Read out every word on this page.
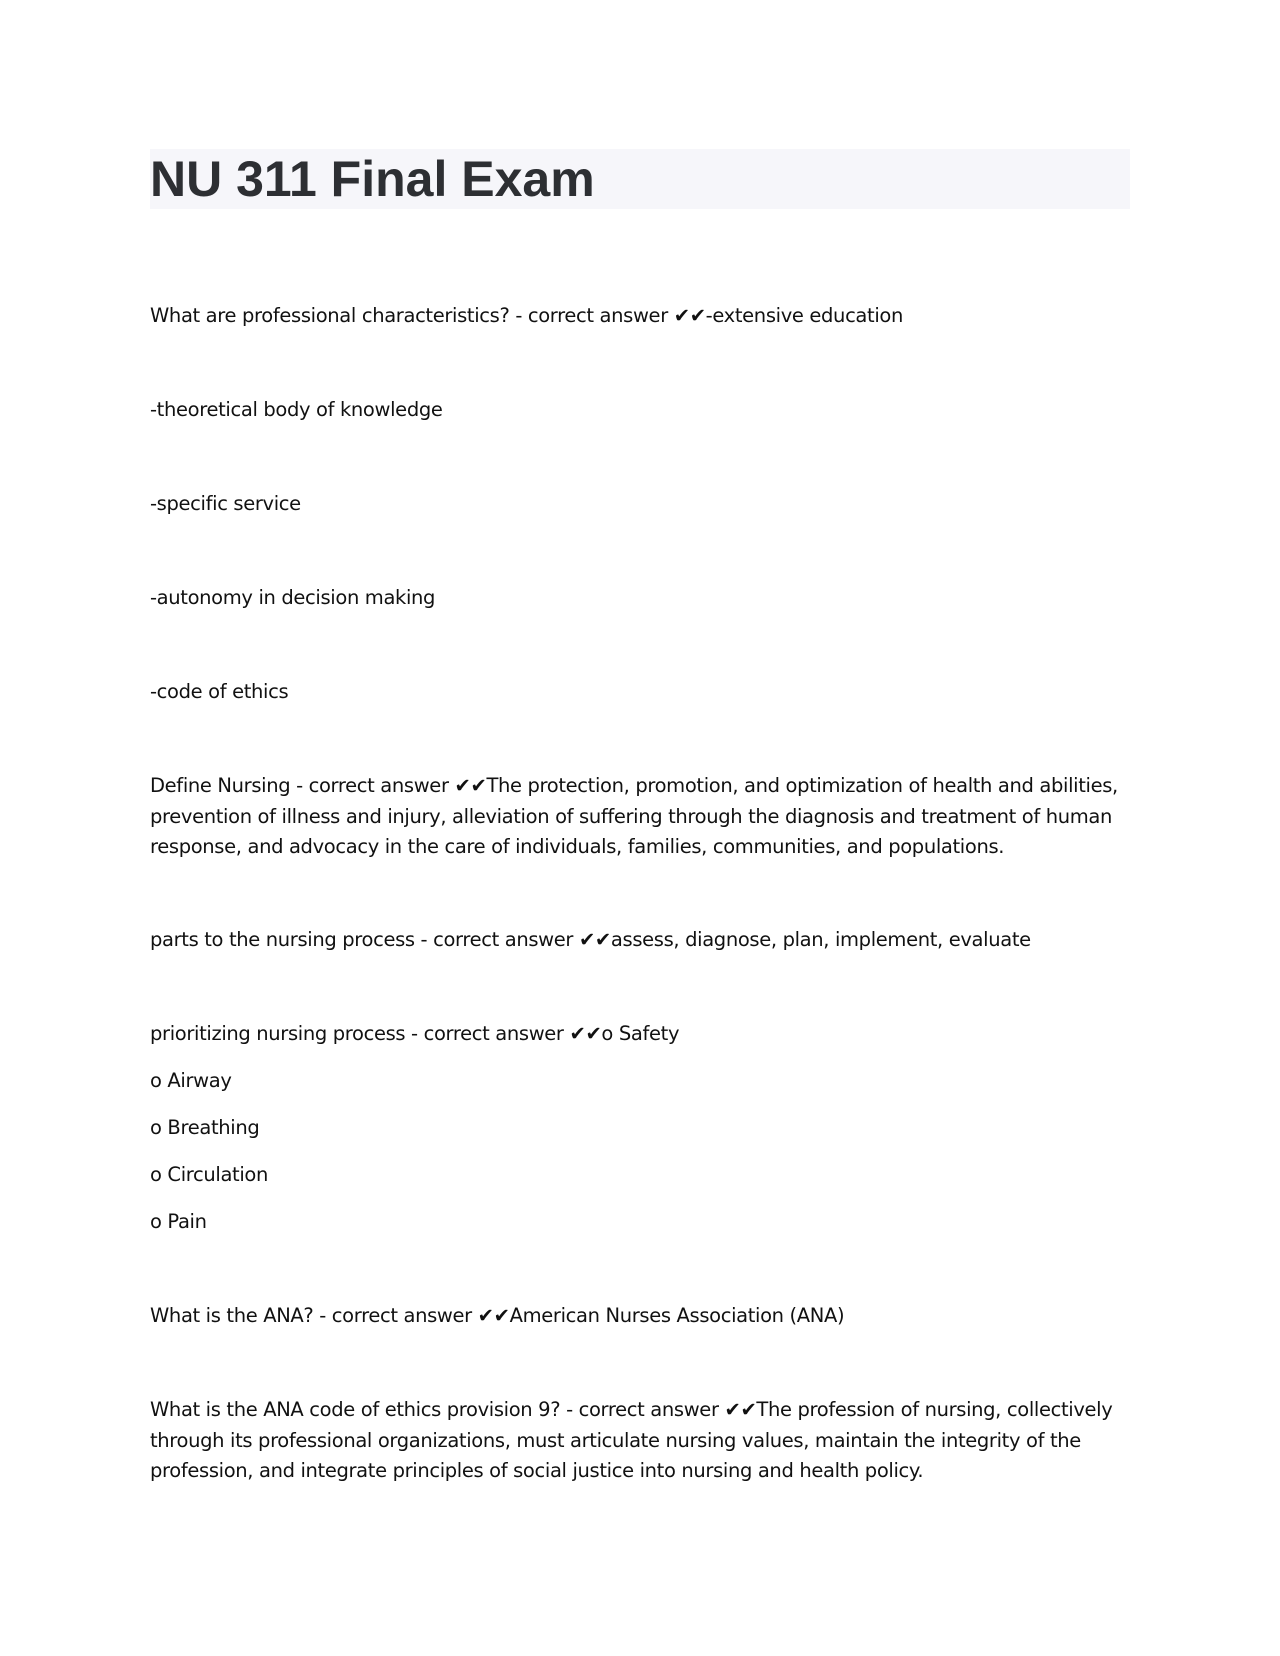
NU 311 Final Exam

What are professional characteristics? - correct answer ✔✔-extensive education

-theoretical body of knowledge

-specific service

-autonomy in decision making

-code of ethics

Define Nursing - correct answer ✔✔The protection, promotion, and optimization of health and abilities, prevention of illness and injury, alleviation of suffering through the diagnosis and treatment of human response, and advocacy in the care of individuals, families, communities, and populations.

parts to the nursing process - correct answer ✔✔assess, diagnose, plan, implement, evaluate

prioritizing nursing process - correct answer ✔✔o Safety

o Airway

o Breathing

o Circulation

o Pain

What is the ANA? - correct answer ✔✔American Nurses Association (ANA)

What is the ANA code of ethics provision 9? - correct answer ✔✔The profession of nursing, collectively through its professional organizations, must articulate nursing values, maintain the integrity of the profession, and integrate principles of social justice into nursing and health policy.
